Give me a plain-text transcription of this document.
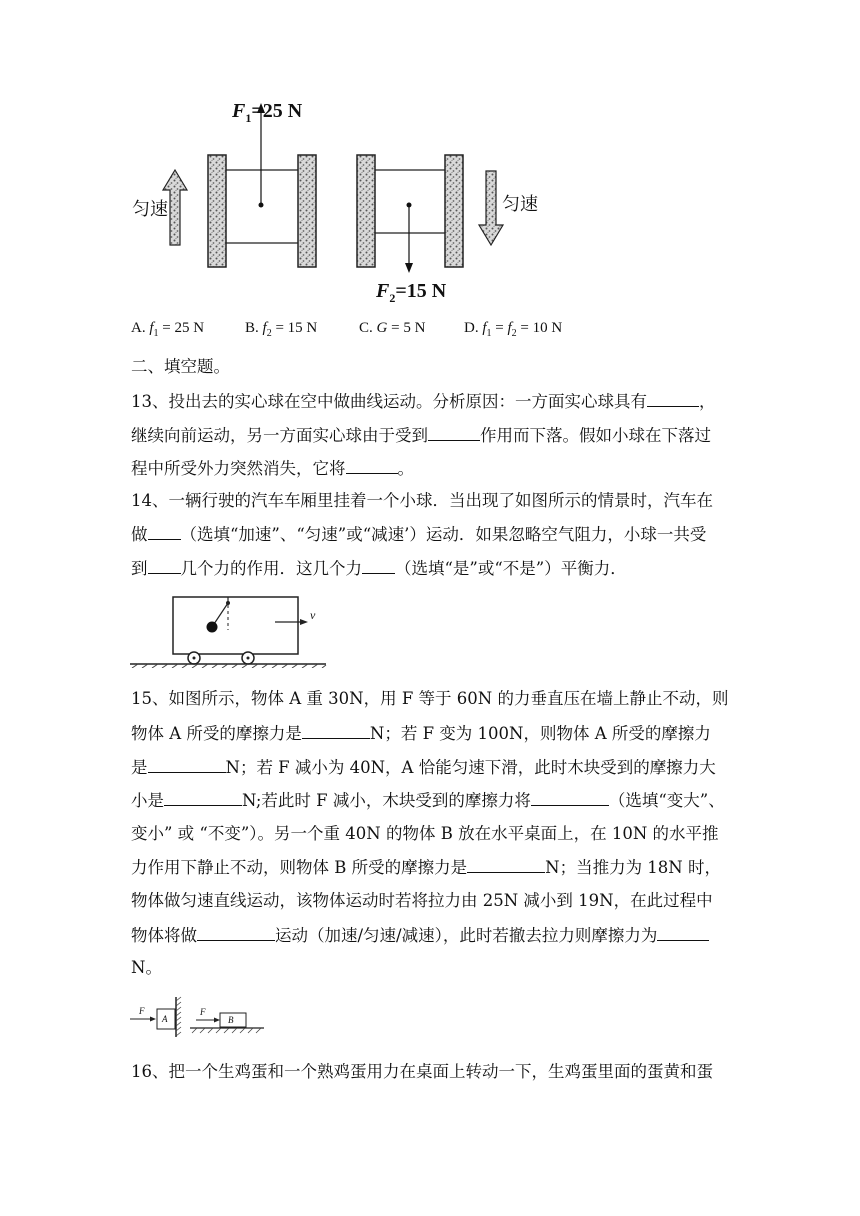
$F_1=25$ N
$F_2=15$ N
匀速	匀速
A. $f_1 = 25$ N	B. $f_2 = 15$ N	C. G = 5 N	D. $f_1 = f_2 = 10$ N
二、填空题。
13、投出去的实心球在空中做曲线运动。分析原因：一方面实心球具有	，
继续向前运动，另一方面实心球由于受到	作用而下落。假如小球在下落过
程中所受外力突然消失，它将	。
14、一辆行驶的汽车车厢里挂着一个小球．当出现了如图所示的情景时，汽车在
做 （选填“加速”、“匀速”或“减速’）运动．如果忽略空气阻力，小球一共受
到 几个力的作用．这几个力 （选填“是”或“不是”）平衡力．
v
15、如图所示，物体 A 重 30N，用 F 等于 60N 的力垂直压在墙上静止不动，则
物体 A 所受的摩擦力是	N；若 F 变为 100N，则物体 A 所受的摩擦力
是	N；若 F 减小为 40N，A 恰能匀速下滑，此时木块受到的摩擦力大
小是	N;若此时 F 减小，木块受到的摩擦力将	（选填“变大”、
变小” 或 “不变”）。另一个重 40N 的物体 B 放在水平桌面上，在 10N 的水平推
力作用下静止不动，则物体 B 所受的摩擦力是	N；当推力为 18N 时，
物体做匀速直线运动，该物体运动时若将拉力由 25N 减小到 19N，在此过程中
物体将做	运动（加速/匀速/减速），此时若撤去拉力则摩擦力为
N。
F
A
F
B
16、把一个生鸡蛋和一个熟鸡蛋用力在桌面上转动一下，生鸡蛋里面的蛋黄和蛋
